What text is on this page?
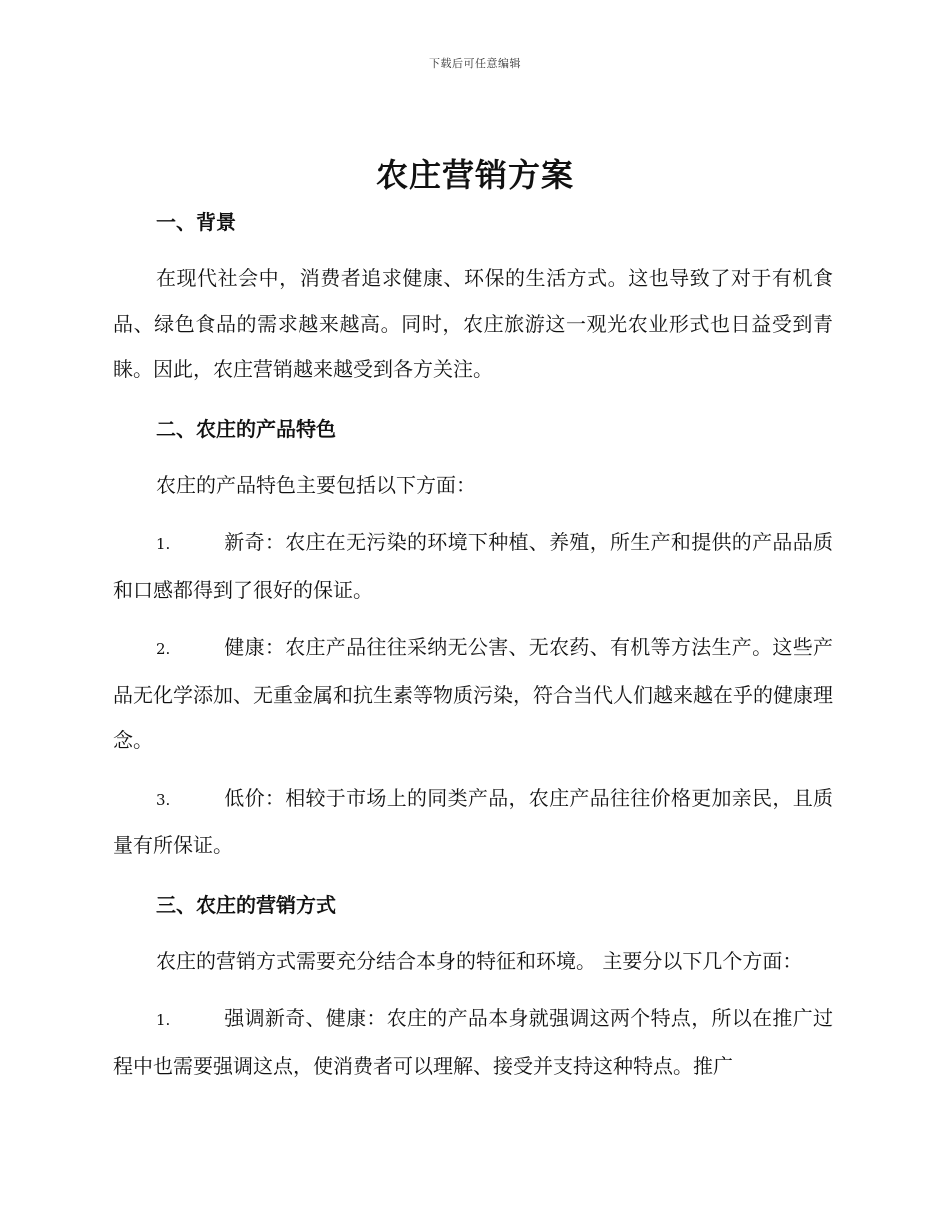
下载后可任意编辑
农庄营销方案
一、背景

在现代社会中，消费者追求健康、环保的生活方式。这也导致了对于有机食品、绿色食品的需求越来越高。同时，农庄旅游这一观光农业形式也日益受到青睐。因此，农庄营销越来越受到各方关注。

二、农庄的产品特色

农庄的产品特色主要包括以下方面：

1.	新奇：农庄在无污染的环境下种植、养殖，所生产和提供的产品品质和口感都得到了很好的保证。

2.	健康：农庄产品往往采纳无公害、无农药、有机等方法生产。这些产品无化学添加、无重金属和抗生素等物质污染，符合当代人们越来越在乎的健康理念。

3.	低价：相较于市场上的同类产品，农庄产品往往价格更加亲民，且质量有所保证。

三、农庄的营销方式

农庄的营销方式需要充分结合本身的特征和环境。 主要分以下几个方面：

1.	强调新奇、健康：农庄的产品本身就强调这两个特点，所以在推广过程中也需要强调这点，使消费者可以理解、接受并支持这种特点。推广
